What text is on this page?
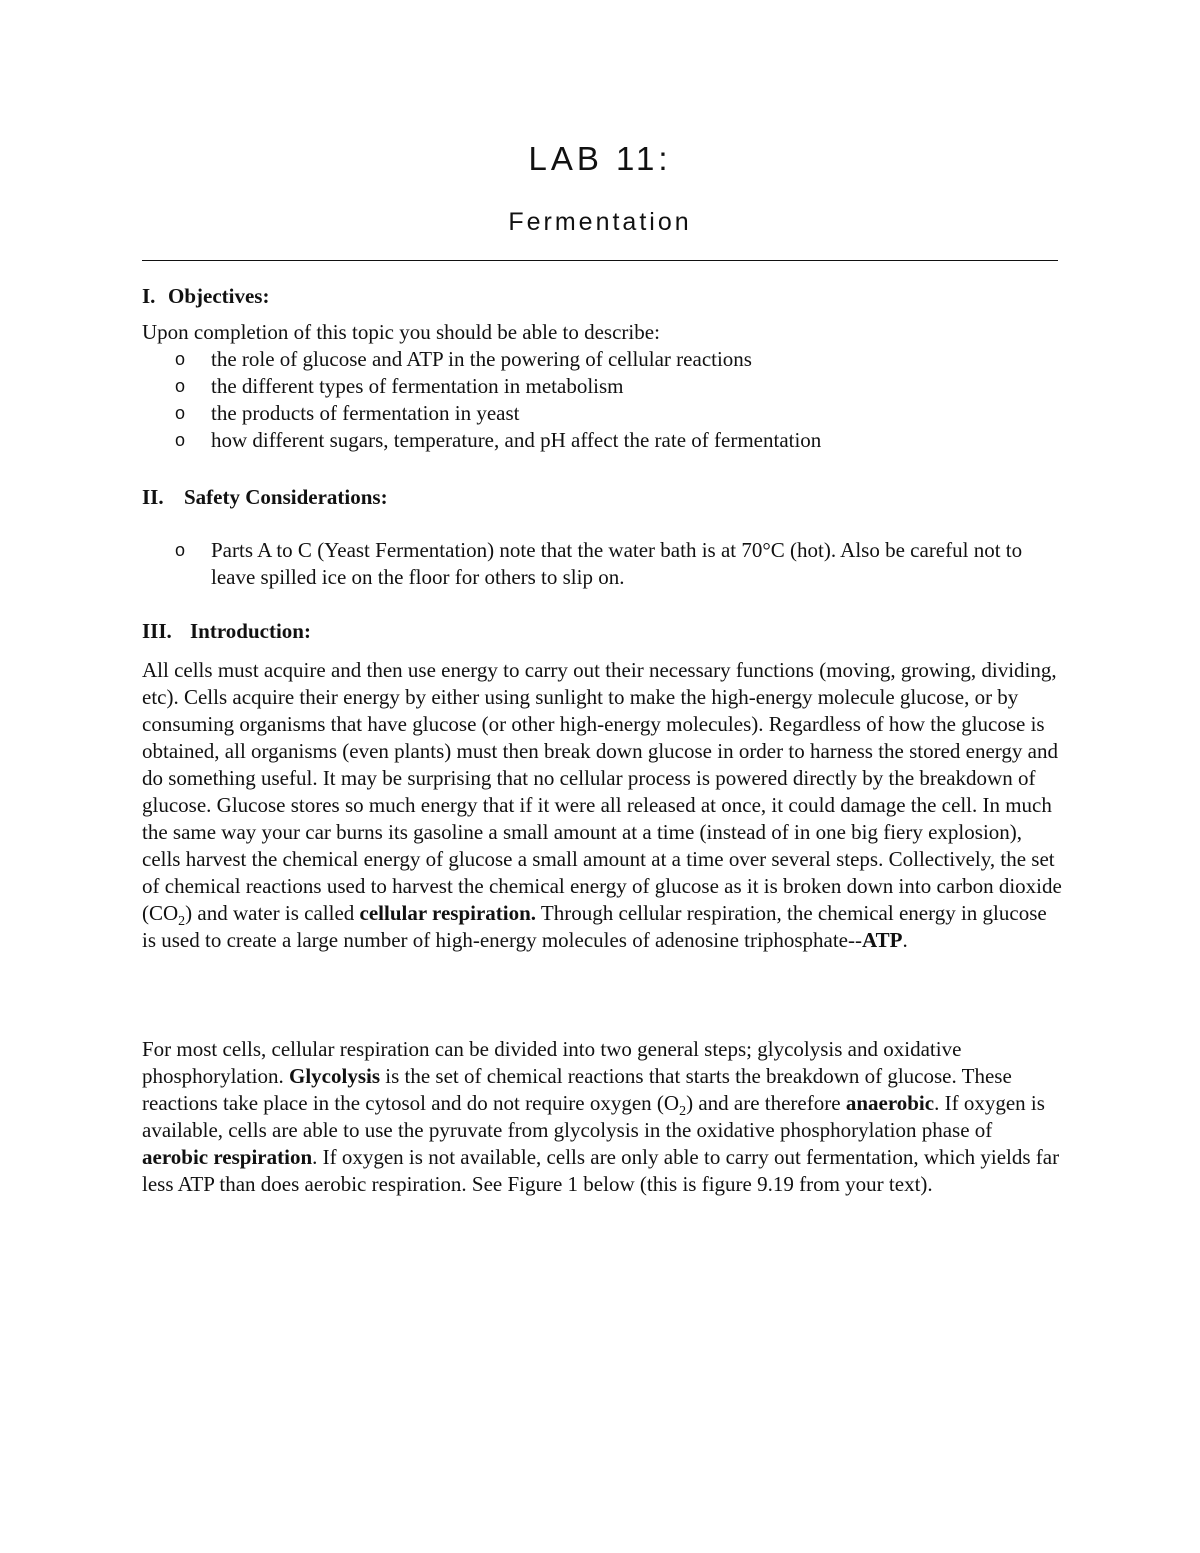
LAB 11:
Fermentation
I. Objectives:

Upon completion of this topic you should be able to describe:

o the role of glucose and ATP in the powering of cellular reactions
o the different types of fermentation in metabolism
o the products of fermentation in yeast
o how different sugars, temperature, and pH affect the rate of fermentation
II. Safety Considerations:
o Parts A to C (Yeast Fermentation) note that the water bath is at 70°C (hot). Also be careful not to leave spilled ice on the floor for others to slip on.
III. Introduction:

All cells must acquire and then use energy to carry out their necessary functions (moving, growing, dividing, etc). Cells acquire their energy by either using sunlight to make the high-energy molecule glucose, or by consuming organisms that have glucose (or other high-energy molecules). Regardless of how the glucose is obtained, all organisms (even plants) must then break down glucose in order to harness the stored energy and do something useful. It may be surprising that no cellular process is powered directly by the breakdown of glucose. Glucose stores so much energy that if it were all released at once, it could damage the cell. In much the same way your car burns its gasoline a small amount at a time (instead of in one big fiery explosion), cells harvest the chemical energy of glucose a small amount at a time over several steps. Collectively, the set of chemical reactions used to harvest the chemical energy of glucose as it is broken down into carbon dioxide $(CO_2)$ and water is called cellular respiration. Through cellular respiration, the chemical energy in glucose is used to create a large number of high-energy molecules of adenosine triphosphate--ATP.

For most cells, cellular respiration can be divided into two general steps; glycolysis and oxidative phosphorylation. Glycolysis is the set of chemical reactions that starts the breakdown of glucose. These reactions take place in the cytosol and do not require oxygen $(O_2)$ and are therefore anaerobic. If oxygen is available, cells are able to use the pyruvate from glycolysis in the oxidative phosphorylation phase of aerobic respiration. If oxygen is not available, cells are only able to carry out fermentation, which yields far less ATP than does aerobic respiration. See Figure 1 below (this is figure 9.19 from your text).
